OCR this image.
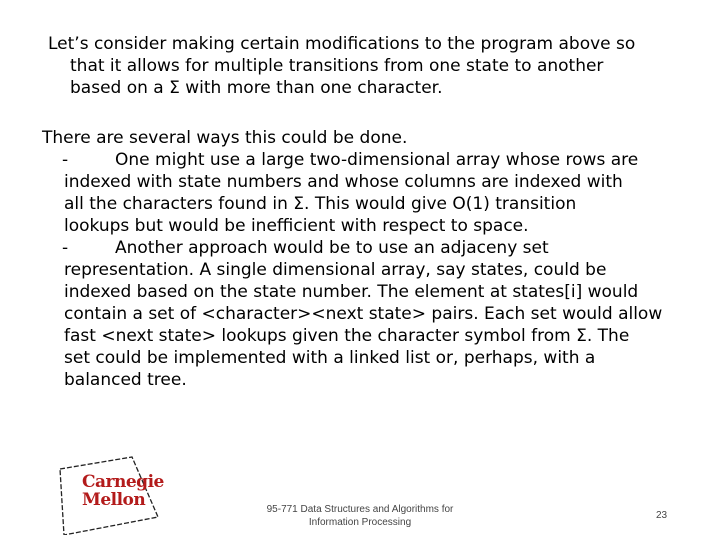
Let’s consider making certain modifications to the program above so
that it allows for multiple transitions from one state to another
based on a Σ with more than one character.
There are several ways this could be done.
-	One might use a large two-dimensional array whose rows are
indexed with state numbers and whose columns are indexed with
all the characters found in Σ. This would give O(1) transition
lookups but would be inefficient with respect to space.
-	Another approach would be to use an adjaceny set
representation. A single dimensional array, say states, could be
indexed based on the state number. The element at states[i] would
contain a set of <character><next state> pairs. Each set would allow
fast <next state> lookups given the character symbol from Σ. The
set could be implemented with a linked list or, perhaps, with a
balanced tree.
Carnegie
Mellon	95-771 Data Structures and Algorithms for
Information Processing
23
